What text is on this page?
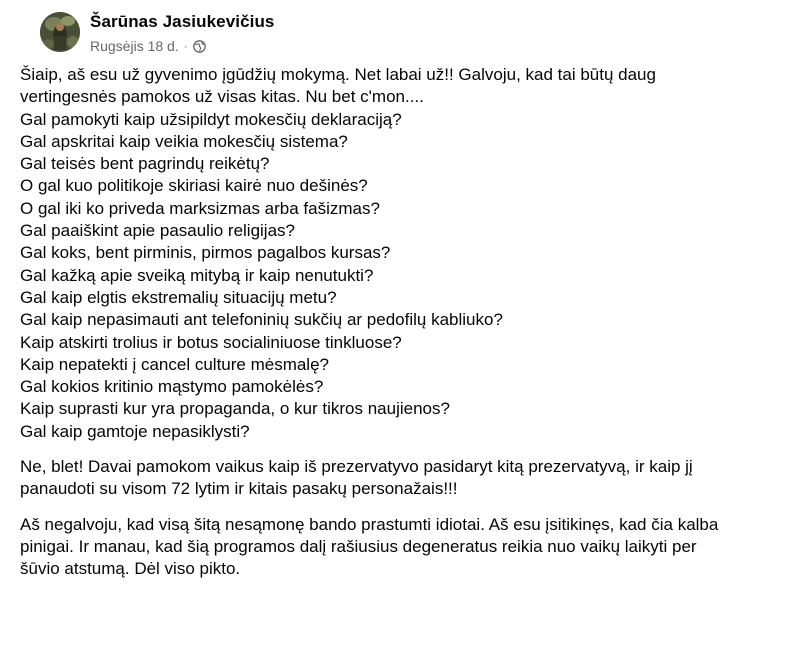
Šarūnas Jasiukevičius
Rugsėjis 18 d. ·
Šiaip, aš esu už gyvenimo įgūdžių mokymą. Net labai už!! Galvoju, kad tai būtų daug
vertingesnės pamokos už visas kitas. Nu bet c'mon....
Gal pamokyti kaip užsipildyt mokesčių deklaraciją?
Gal apskritai kaip veikia mokesčių sistema?
Gal teisės bent pagrindų reikėtų?
O gal kuo politikoje skiriasi kairė nuo dešinės?
O gal iki ko priveda marksizmas arba fašizmas?
Gal paaiškint apie pasaulio religijas?
Gal koks, bent pirminis, pirmos pagalbos kursas?
Gal kažką apie sveiką mitybą ir kaip nenutukti?
Gal kaip elgtis ekstremalių situacijų metu?
Gal kaip nepasimauti ant telefoninių sukčių ar pedofilų kabliuko?
Kaip atskirti trolius ir botus socialiniuose tinkluose?
Kaip nepatekti į cancel culture mėsmalę?
Gal kokios kritinio mąstymo pamokėlės?
Kaip suprasti kur yra propaganda, o kur tikros naujienos?
Gal kaip gamtoje nepasiklysti?
Ne, blet! Davai pamokom vaikus kaip iš prezervatyvo pasidaryt kitą prezervatyvą, ir kaip jį
panaudoti su visom 72 lytim ir kitais pasakų personažais!!!
Aš negalvoju, kad visą šitą nesąmonę bando prastumti idiotai. Aš esu įsitikinęs, kad čia kalba
pinigai. Ir manau, kad šią programos dalį rašiusius degeneratus reikia nuo vaikų laikyti per
šūvio atstumą. Dėl viso pikto.
